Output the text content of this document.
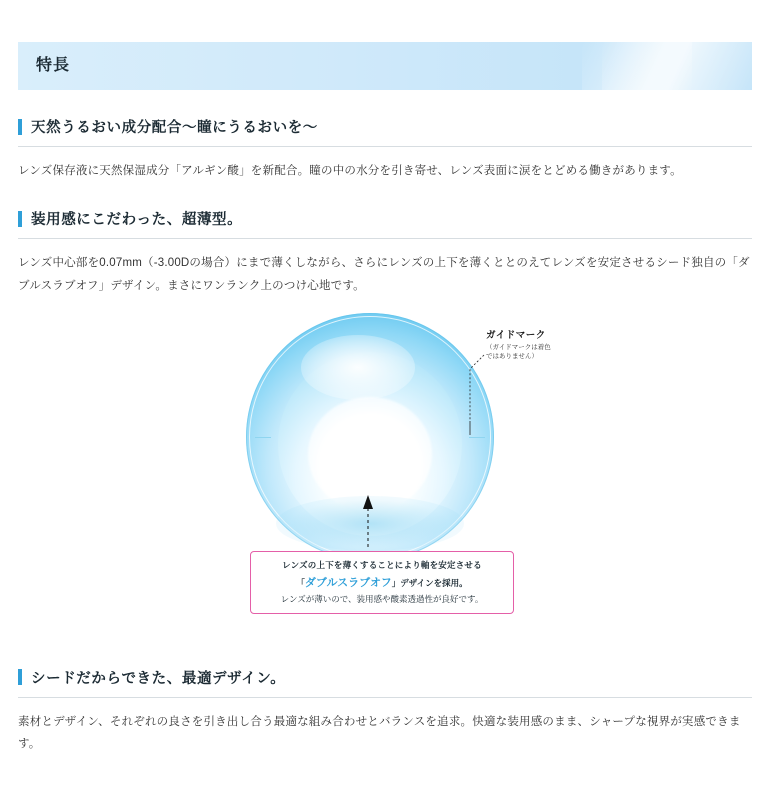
特長
天然うるおい成分配合～瞳にうるおいを～

レンズ保存液に天然保湿成分「アルギン酸」を新配合。瞳の中の水分を引き寄せ、レンズ表面に涙をとどめる働きがあります。

装用感にこだわった、超薄型。

レンズ中心部を0.07mm（-3.00Dの場合）にまで薄くしながら、さらにレンズの上下を薄くととのえてレンズを安定させるシード独自の「ダブルスラブオフ」デザイン。まさにワンランク上のつけ心地です。

ガイドマーク
（ガイドマークは着色
ではありません）
レンズの上下を薄くすることにより軸を安定させる
「ダブルスラブオフ」デザインを採用。
レンズが薄いので、装用感や酸素透過性が良好です。
シードだからできた、最適デザイン。

素材とデザイン、それぞれの良さを引き出し合う最適な組み合わせとバランスを追求。快適な装用感のまま、シャープな視界が実感できます。
